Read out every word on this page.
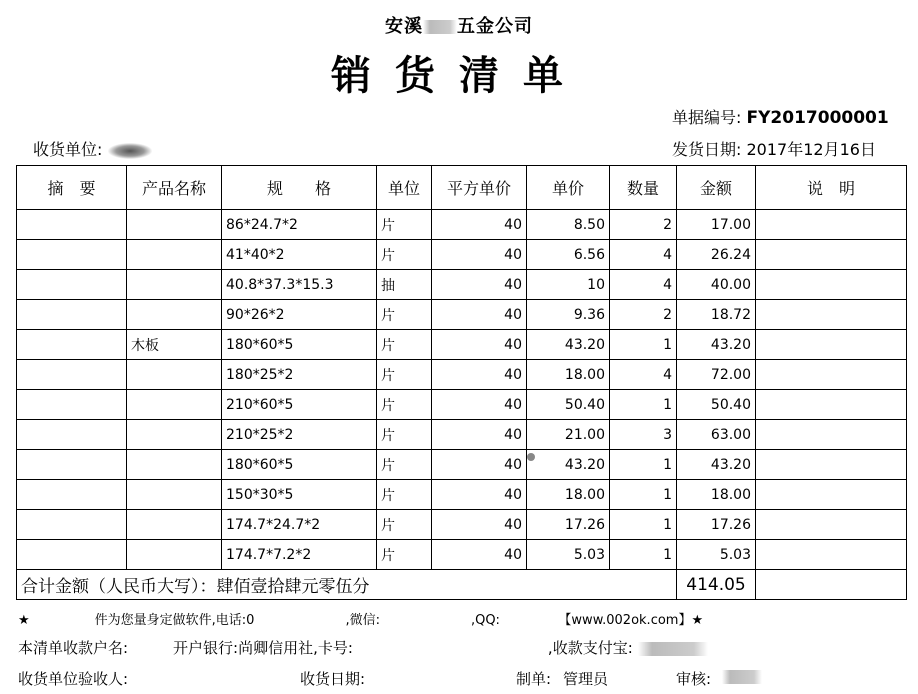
安溪 五金公司
销货清单
单据编号: FY2017000001
收货单位:	发货日期: 2017年12月16日
摘　要	产品名称	规　　格	单位	平方单价	单价	数量	金额	说　明
		86*24.7*2	片	40	8.50	2	17.00	
		41*40*2	片	40	6.56	4	26.24	
		40.8*37.3*15.3	抽	40	10	4	40.00	
		90*26*2	片	40	9.36	2	18.72	
	木板	180*60*5	片	40	43.20	1	43.20	
		180*25*2	片	40	18.00	4	72.00	
		210*60*5	片	40	50.40	1	50.40	
		210*25*2	片	40	21.00	3	63.00	
		180*60*5	片	40	43.20	1	43.20	
		150*30*5	片	40	18.00	1	18.00	
		174.7*24.7*2	片	40	17.26	1	17.26	
		174.7*7.2*2	片	40	5.03	1	5.03	
合计金额（人民币大写）：肆佰壹拾肆元零伍分							414.05	
★　　　　　件为您量身定做软件,电话:0　　　　　　　,微信:　　　　　　　,QQ:　　　　　【www.002ok.com】★
本清单收款户名:　　　开户银行:尚卿信用社,卡号:　　　　　　　　　　　　　,收款支付宝:
收货单位验收人:	收货日期:	制单: 管理员	审核:
